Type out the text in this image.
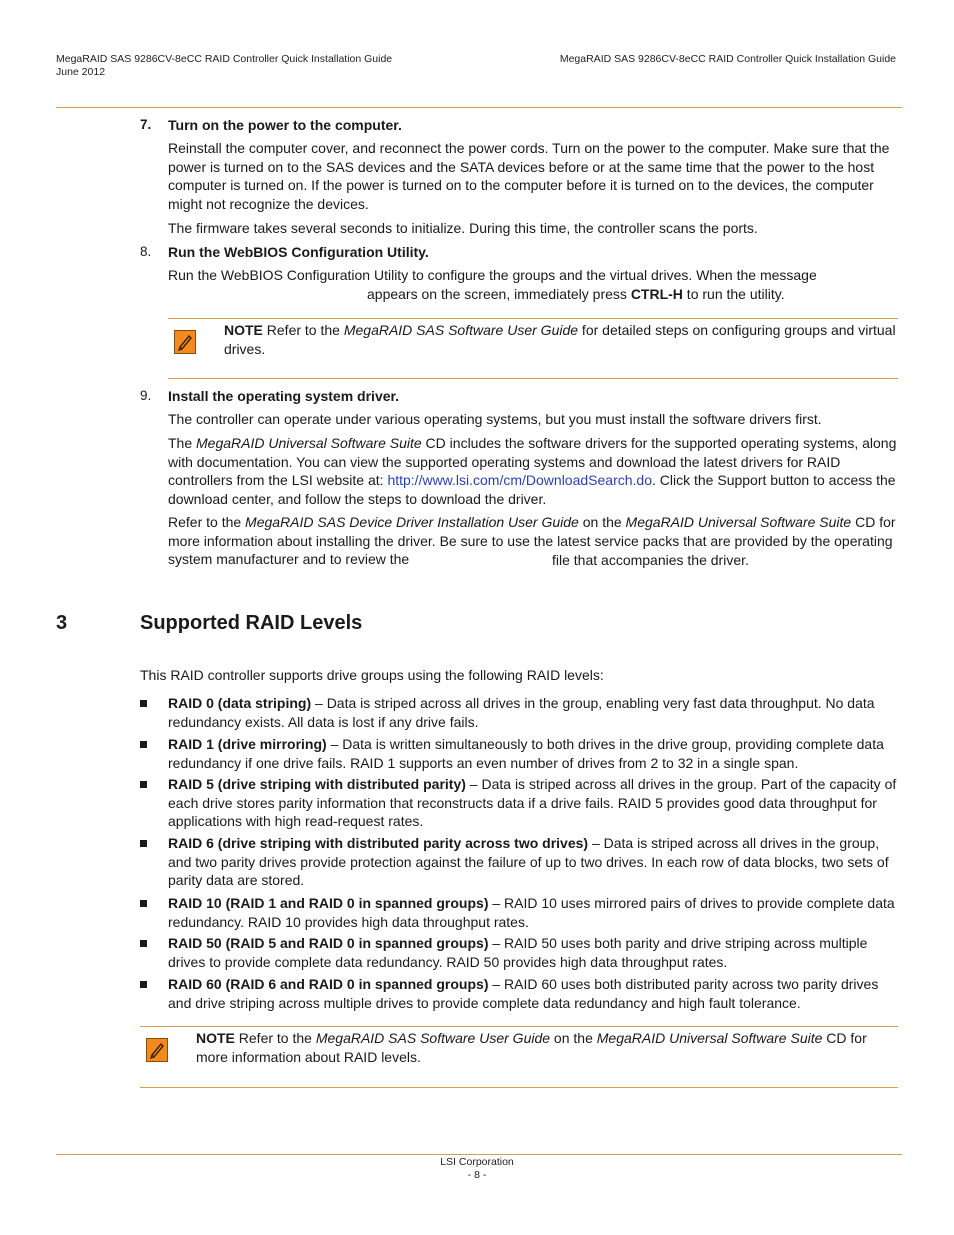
MegaRAID SAS 9286CV-8eCC RAID Controller Quick Installation Guide
June 2012
MegaRAID SAS 9286CV-8eCC RAID Controller Quick Installation Guide
7. Turn on the power to the computer.
Reinstall the computer cover, and reconnect the power cords. Turn on the power to the computer. Make sure that the power is turned on to the SAS devices and the SATA devices before or at the same time that the power to the host computer is turned on. If the power is turned on to the computer before it is turned on to the devices, the computer might not recognize the devices.
The firmware takes several seconds to initialize. During this time, the controller scans the ports.
8. Run the WebBIOS Configuration Utility.
Run the WebBIOS Configuration Utility to configure the groups and the virtual drives. When the message
appears on the screen, immediately press CTRL-H to run the utility.
NOTE Refer to the MegaRAID SAS Software User Guide for detailed steps on configuring groups and virtual drives.
9. Install the operating system driver.
The controller can operate under various operating systems, but you must install the software drivers first.
The MegaRAID Universal Software Suite CD includes the software drivers for the supported operating systems, along with documentation. You can view the supported operating systems and download the latest drivers for RAID controllers from the LSI website at: http://www.lsi.com/cm/DownloadSearch.do. Click the Support button to access the download center, and follow the steps to download the driver.
Refer to the MegaRAID SAS Device Driver Installation User Guide on the MegaRAID Universal Software Suite CD for more information about installing the driver. Be sure to use the latest service packs that are provided by the operating system manufacturer and to review the	file that accompanies the driver.
3	Supported RAID Levels
This RAID controller supports drive groups using the following RAID levels:
RAID 0 (data striping) – Data is striped across all drives in the group, enabling very fast data throughput. No data redundancy exists. All data is lost if any drive fails.
RAID 1 (drive mirroring) – Data is written simultaneously to both drives in the drive group, providing complete data redundancy if one drive fails. RAID 1 supports an even number of drives from 2 to 32 in a single span.
RAID 5 (drive striping with distributed parity) – Data is striped across all drives in the group. Part of the capacity of each drive stores parity information that reconstructs data if a drive fails. RAID 5 provides good data throughput for applications with high read-request rates.
RAID 6 (drive striping with distributed parity across two drives) – Data is striped across all drives in the group, and two parity drives provide protection against the failure of up to two drives. In each row of data blocks, two sets of parity data are stored.
RAID 10 (RAID 1 and RAID 0 in spanned groups) – RAID 10 uses mirrored pairs of drives to provide complete data redundancy. RAID 10 provides high data throughput rates.
RAID 50 (RAID 5 and RAID 0 in spanned groups) – RAID 50 uses both parity and drive striping across multiple drives to provide complete data redundancy. RAID 50 provides high data throughput rates.
RAID 60 (RAID 6 and RAID 0 in spanned groups) – RAID 60 uses both distributed parity across two parity drives and drive striping across multiple drives to provide complete data redundancy and high fault tolerance.
NOTE Refer to the MegaRAID SAS Software User Guide on the MegaRAID Universal Software Suite CD for more information about RAID levels.
LSI Corporation
- 8 -
